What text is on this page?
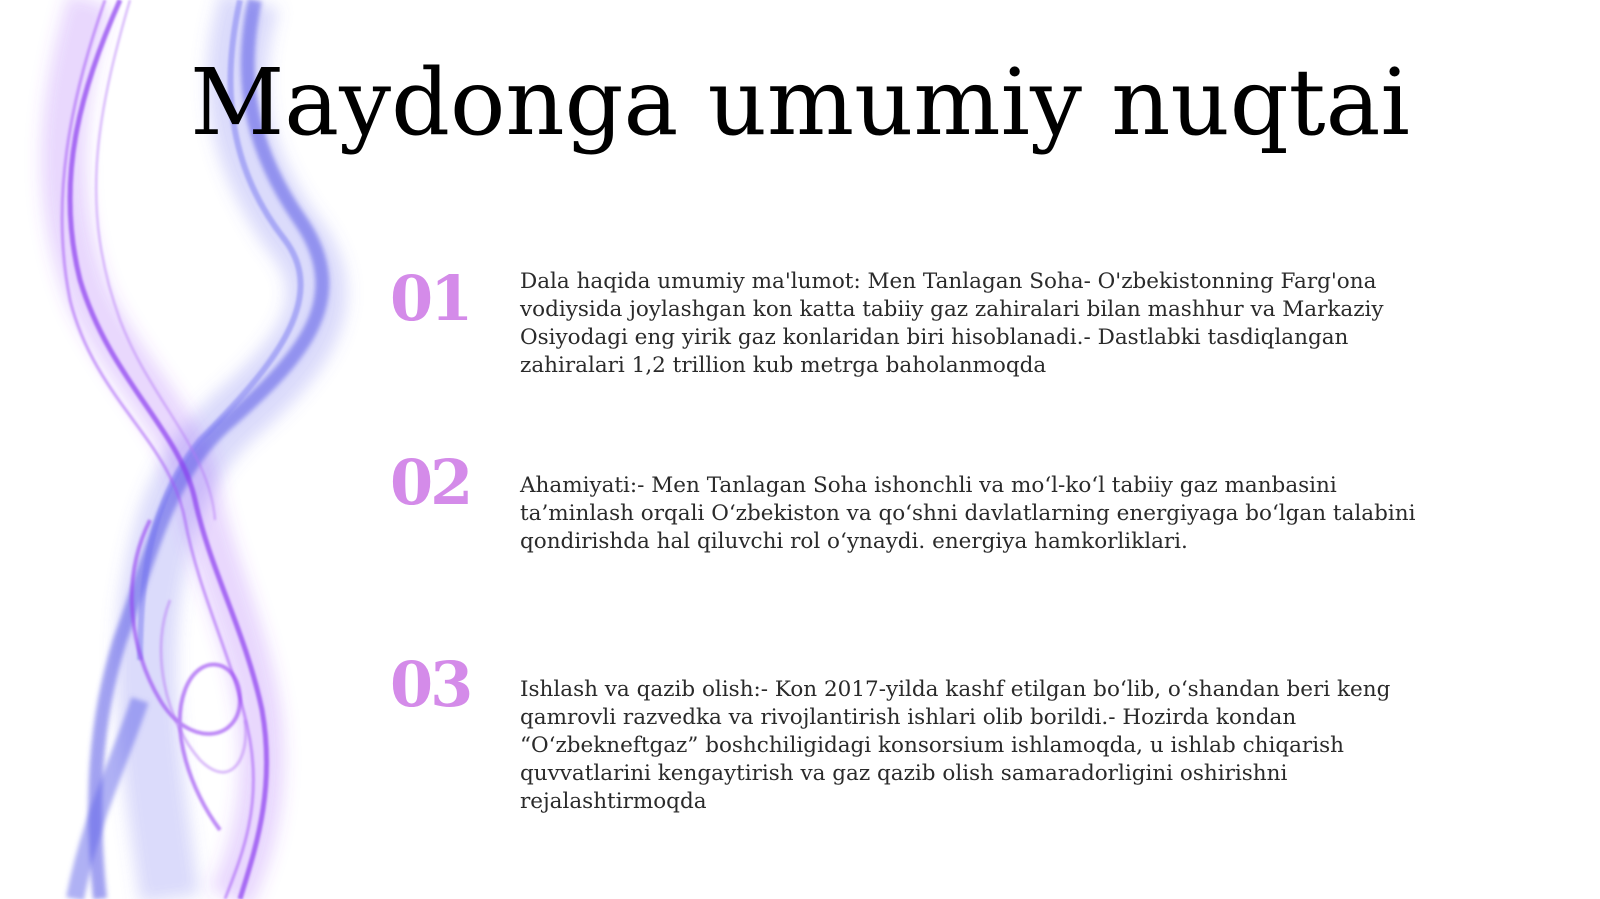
Maydonga umumiy nuqtai
01	Dala haqida umumiy ma'lumot: Men Tanlagan Soha- O'zbekistonning Farg'ona vodiysida joylashgan kon katta tabiiy gaz zahiralari bilan mashhur va Markaziy Osiyodagi eng yirik gaz konlaridan biri hisoblanadi.- Dastlabki tasdiqlangan zahiralari 1,2 trillion kub metrga baholanmoqda
02	Ahamiyati:- Men Tanlagan Soha ishonchli va mo‘l-ko‘l tabiiy gaz manbasini ta’minlash orqali O‘zbekiston va qo‘shni davlatlarning energiyaga bo‘lgan talabini qondirishda hal qiluvchi rol o‘ynaydi. energiya hamkorliklari.
03	Ishlash va qazib olish:- Kon 2017-yilda kashf etilgan bo‘lib, o‘shandan beri keng qamrovli razvedka va rivojlantirish ishlari olib borildi.- Hozirda kondan “O‘zbekneftgaz” boshchiligidagi konsorsium ishlamoqda, u ishlab chiqarish quvvatlarini kengaytirish va gaz qazib olish samaradorligini oshirishni rejalashtirmoqda
